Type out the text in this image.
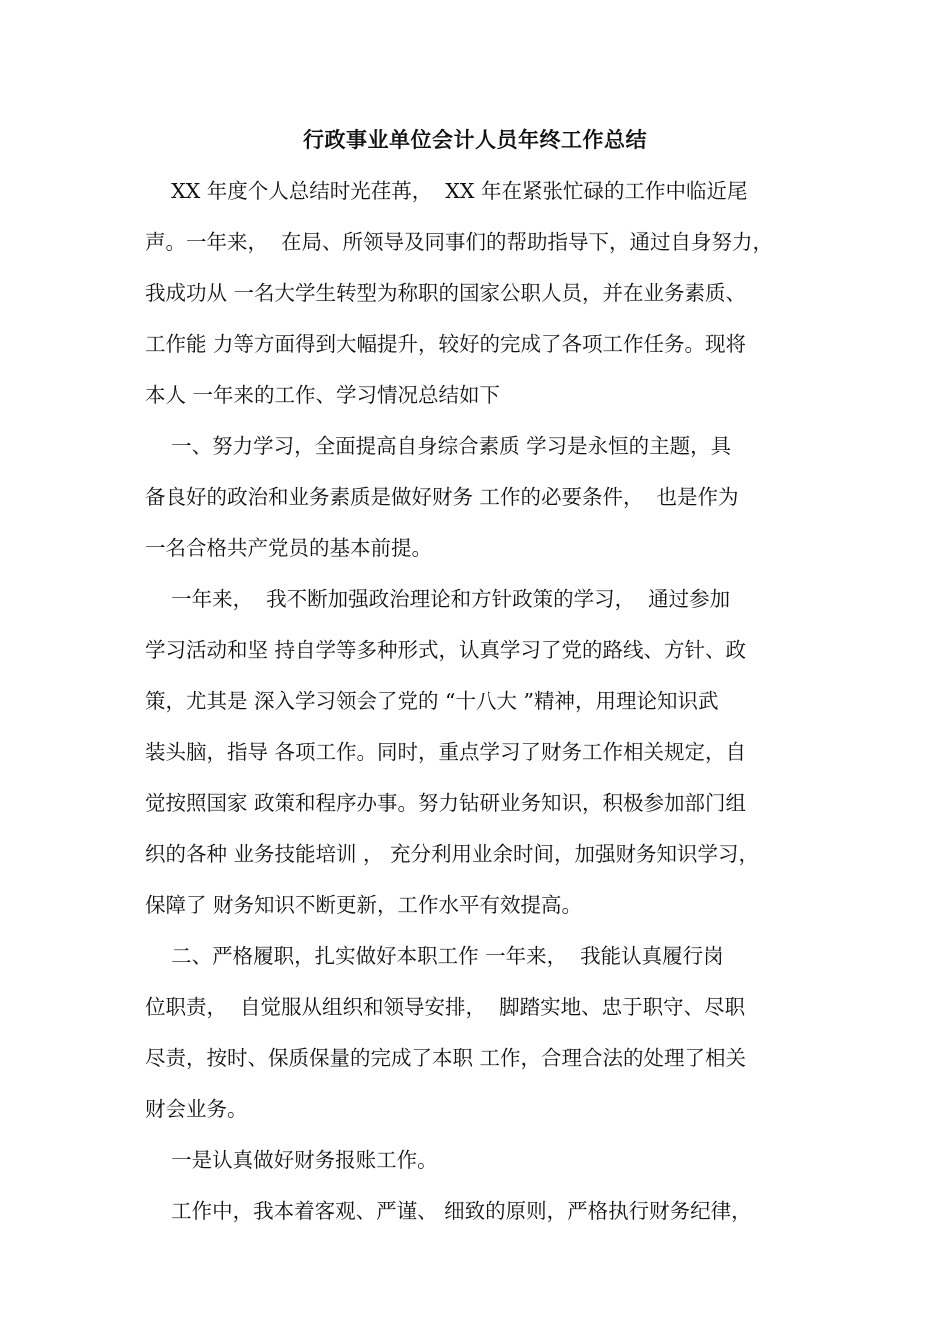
行政事业单位会计人员年终工作总结

XX 年度个人总结时光荏苒，  XX 年在紧张忙碌的工作中临近尾

声。一年来，  在局、所领导及同事们的帮助指导下，通过自身努力，

我成功从 一名大学生转型为称职的国家公职人员，并在业务素质、

工作能 力等方面得到大幅提升，较好的完成了各项工作任务。现将

本人 一年来的工作、学习情况总结如下

一、努力学习，全面提高自身综合素质 学习是永恒的主题，具

备良好的政治和业务素质是做好财务 工作的必要条件，  也是作为

一名合格共产党员的基本前提。

一年来，  我不断加强政治理论和方针政策的学习，  通过参加

学习活动和坚 持自学等多种形式，认真学习了党的路线、方针、政

策，尤其是 深入学习领会了党的 “十八大 ”精神，用理论知识武

装头脑，指导 各项工作。同时，重点学习了财务工作相关规定，自

觉按照国家 政策和程序办事。努力钻研业务知识，积极参加部门组

织的各种 业务技能培训 ， 充分利用业余时间，加强财务知识学习，

保障了 财务知识不断更新，工作水平有效提高。

二、严格履职，扎实做好本职工作 一年来，  我能认真履行岗

位职责，  自觉服从组织和领导安排，  脚踏实地、忠于职守、尽职

尽责，按时、保质保量的完成了本职 工作，合理合法的处理了相关

财会业务。

一是认真做好财务报账工作。

工作中，我本着客观、严谨、 细致的原则，严格执行财务纪律，
